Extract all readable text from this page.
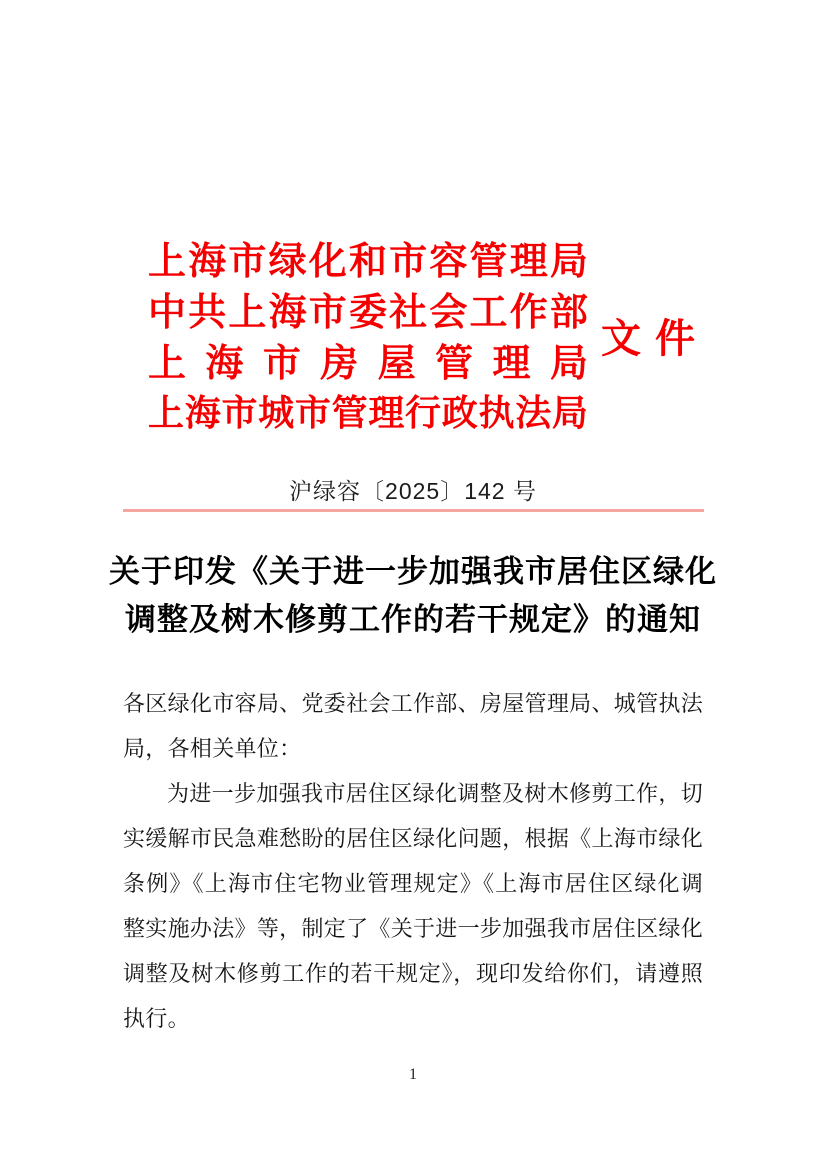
上 海 市 绿 化 和 市 容 管 理 局
中 共 上 海 市 委 社 会 工 作 部
上 海 市 房 屋 管 理 局
上 海 市 城 市 管 理 行 政 执 法 局
文 件
沪绿容〔2025〕142 号
关于印发《关于进一步加强我市居住区绿化
调整及树木修剪工作的若干规定》的通知

各区绿化市容局、党委社会工作部、房屋管理局、城管执法局，各相关单位：

为进一步加强我市居住区绿化调整及树木修剪工作，切实缓解市民急难愁盼的居住区绿化问题，根据《上海市绿化条例》《上海市住宅物业管理规定》《上海市居住区绿化调整实施办法》等，制定了《关于进一步加强我市居住区绿化调整及树木修剪工作的若干规定》，现印发给你们，请遵照执行。

1
